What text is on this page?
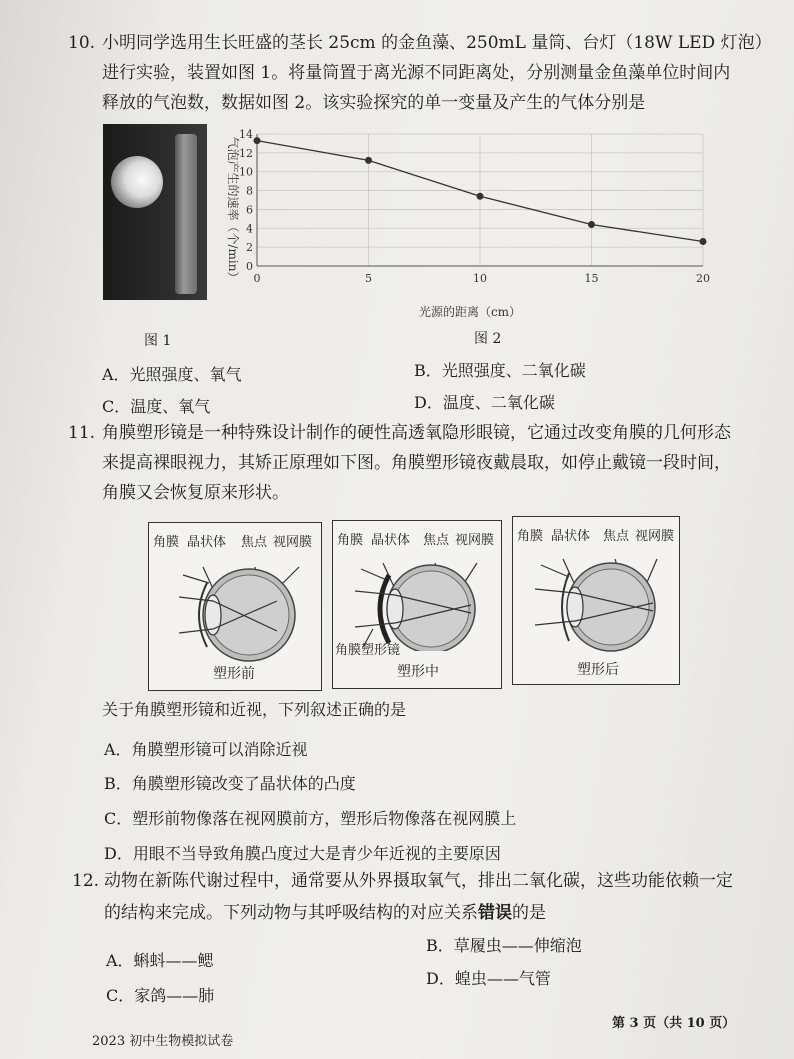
10. 小明同学选用生长旺盛的茎长 25cm 的金鱼藻、250mL 量筒、台灯（18W LED 灯泡）
进行实验，装置如图 1。将量筒置于离光源不同距离处，分别测量金鱼藻单位时间内
释放的气泡数，数据如图 2。该实验探究的单一变量及产生的气体分别是
图 1
0
2
4
6
8
10
12
14
0	5	10	15	20
光源的距离（cm）
气泡产生的速率（个/min）
图 2
A．光照强度、氧气	B．光照强度、二氧化碳
C．温度、氧气	D．温度、二氧化碳
11. 角膜塑形镜是一种特殊设计制作的硬性高透氧隐形眼镜，它通过改变角膜的几何形态
来提高裸眼视力，其矫正原理如下图。角膜塑形镜夜戴晨取，如停止戴镜一段时间，
角膜又会恢复原来形状。
角膜 晶状体 焦点 视网膜
塑形前
角膜 晶状体 焦点 视网膜
角膜塑形镜
塑形中
角膜 晶状体 焦点 视网膜
塑形后
关于角膜塑形镜和近视，下列叙述正确的是
A．角膜塑形镜可以消除近视
B．角膜塑形镜改变了晶状体的凸度
C．塑形前物像落在视网膜前方，塑形后物像落在视网膜上
D．用眼不当导致角膜凸度过大是青少年近视的主要原因
12. 动物在新陈代谢过程中，通常要从外界摄取氧气，排出二氧化碳，这些功能依赖一定
的结构来完成。下列动物与其呼吸结构的对应关系错误的是
A．蝌蚪——鳃
B．草履虫——伸缩泡
C．家鸽——肺
D．蝗虫——气管
2023 初中生物模拟试卷
第 3 页（共 10 页）
